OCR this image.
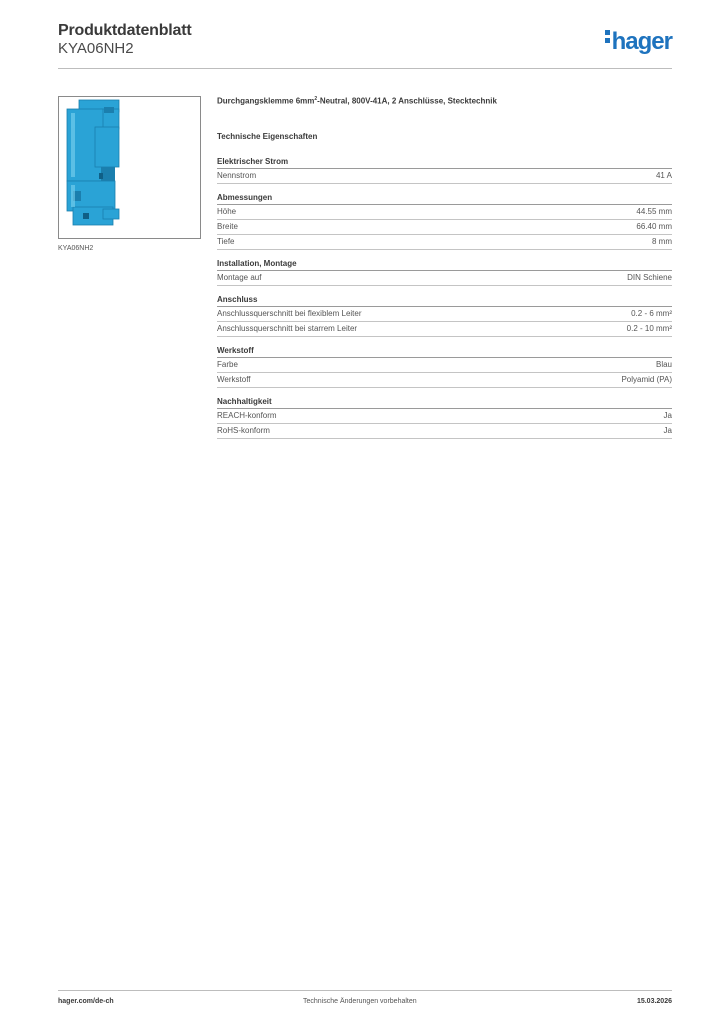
Produktdatenblatt
KYA06NH2	hager
KYA06NH2
Durchgangsklemme $6mm^2$-Neutral, 800V-41A, 2 Anschlüsse, Stecktechnik
Technische Eigenschaften
Elektrischer Strom
Nennstrom	41 A
Abmessungen
Höhe	44.55 mm
Breite	66.40 mm
Tiefe	8 mm
Installation, Montage
Montage auf	DIN Schiene
Anschluss
Anschlussquerschnitt bei flexiblem Leiter	0.2 - 6 mm²
Anschlussquerschnitt bei starrem Leiter	0.2 - 10 mm²
Werkstoff
Farbe	Blau
Werkstoff	Polyamid (PA)
Nachhaltigkeit
REACH-konform	Ja
RoHS-konform	Ja
hager.com/de-ch	Technische Änderungen vorbehalten	15.03.2026
